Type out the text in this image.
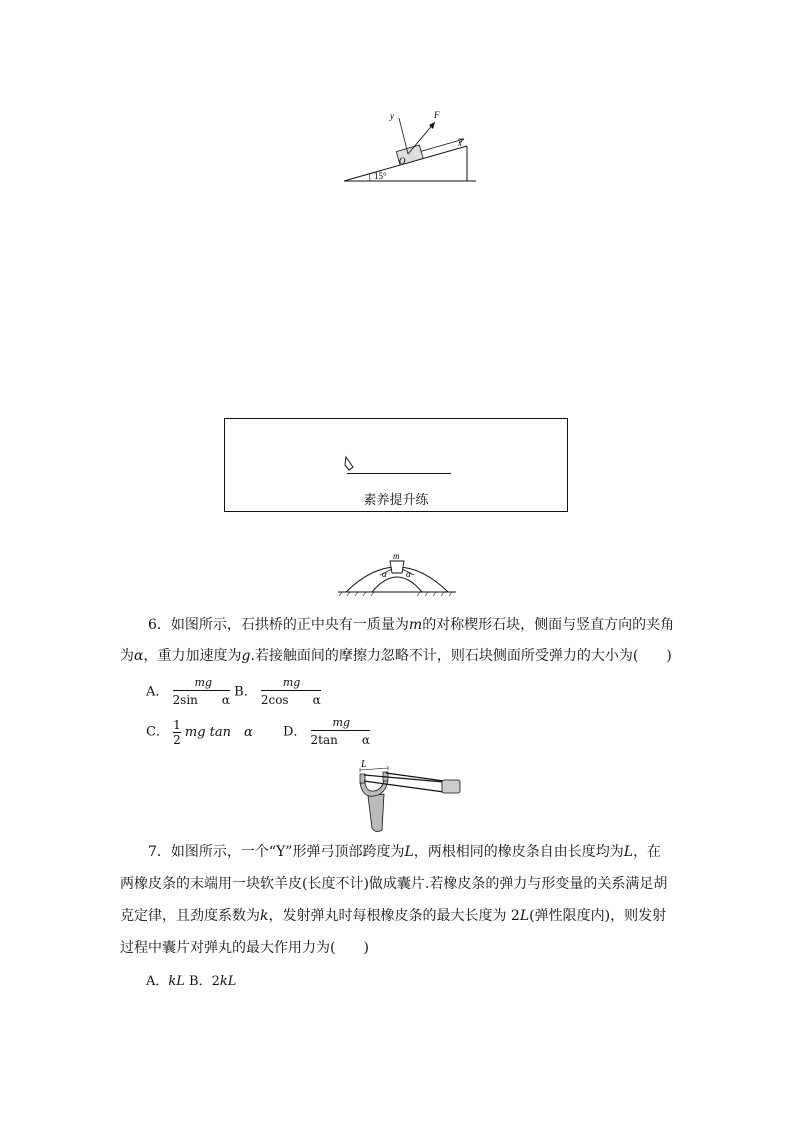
y	F
x
O
15°
素养提升练
m
α α
6．如图所示，石拱桥的正中央有一质量为m的对称楔形石块，侧面与竖直方向的夹角
为α，重力加速度为g.若接触面间的摩擦力忽略不计，则石块侧面所受弹力的大小为(　　)
A． $\frac{mg}{\text{2sin　　α}}$ B． $\frac{mg}{\text{2cos　　α}}$
C． $\frac{1}{2}$ mg tan　α D． $\frac{mg}{\text{2tan　　α}}$
L
7．如图所示，一个“Y”形弹弓顶部跨度为L，两根相同的橡皮条自由长度均为L，在
两橡皮条的末端用一块软羊皮(长度不计)做成囊片.若橡皮条的弹力与形变量的关系满足胡
克定律，且劲度系数为k，发射弹丸时每根橡皮条的最大长度为 2L(弹性限度内)，则发射
过程中囊片对弹丸的最大作用力为(　　)
A．kL B．2kL
